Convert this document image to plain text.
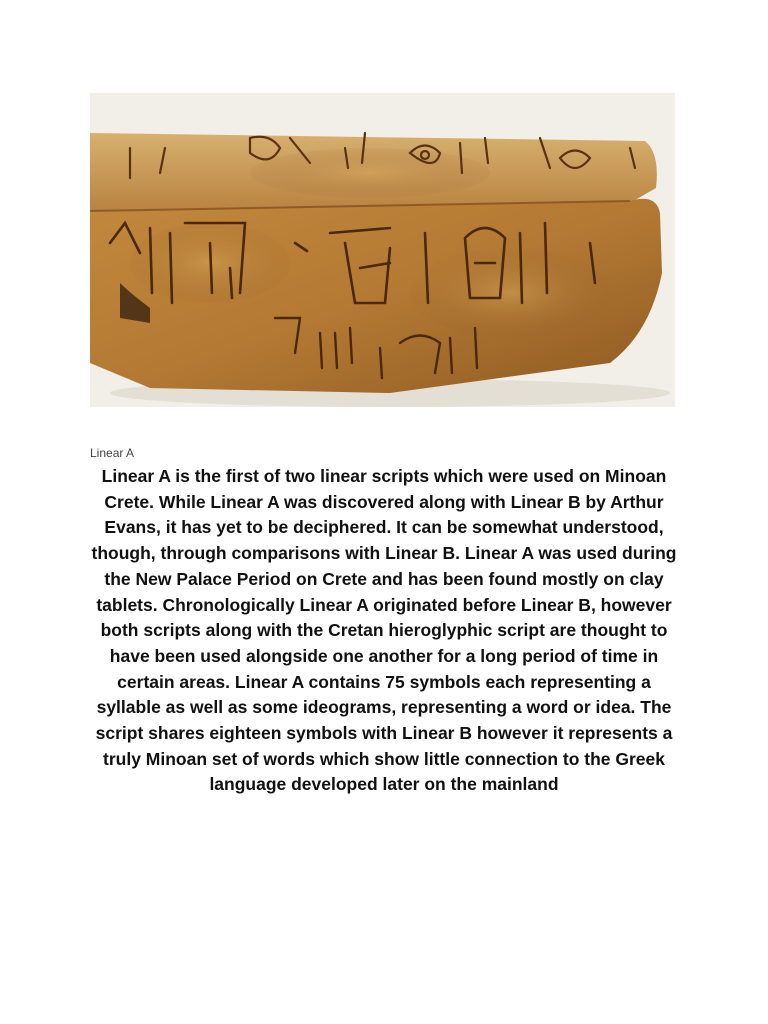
Linear A

Linear A is the first of two linear scripts which were used on Minoan Crete. While Linear A was discovered along with Linear B by Arthur Evans, it has yet to be deciphered. It can be somewhat understood, though, through comparisons with Linear B. Linear A was used during the New Palace Period on Crete and has been found mostly on clay tablets. Chronologically Linear A originated before Linear B, however both scripts along with the Cretan hieroglyphic script are thought to have been used alongside one another for a long period of time in certain areas. Linear A contains 75 symbols each representing a syllable as well as some ideograms, representing a word or idea. The script shares eighteen symbols with Linear B however it represents a truly Minoan set of words which show little connection to the Greek language developed later on the mainland
